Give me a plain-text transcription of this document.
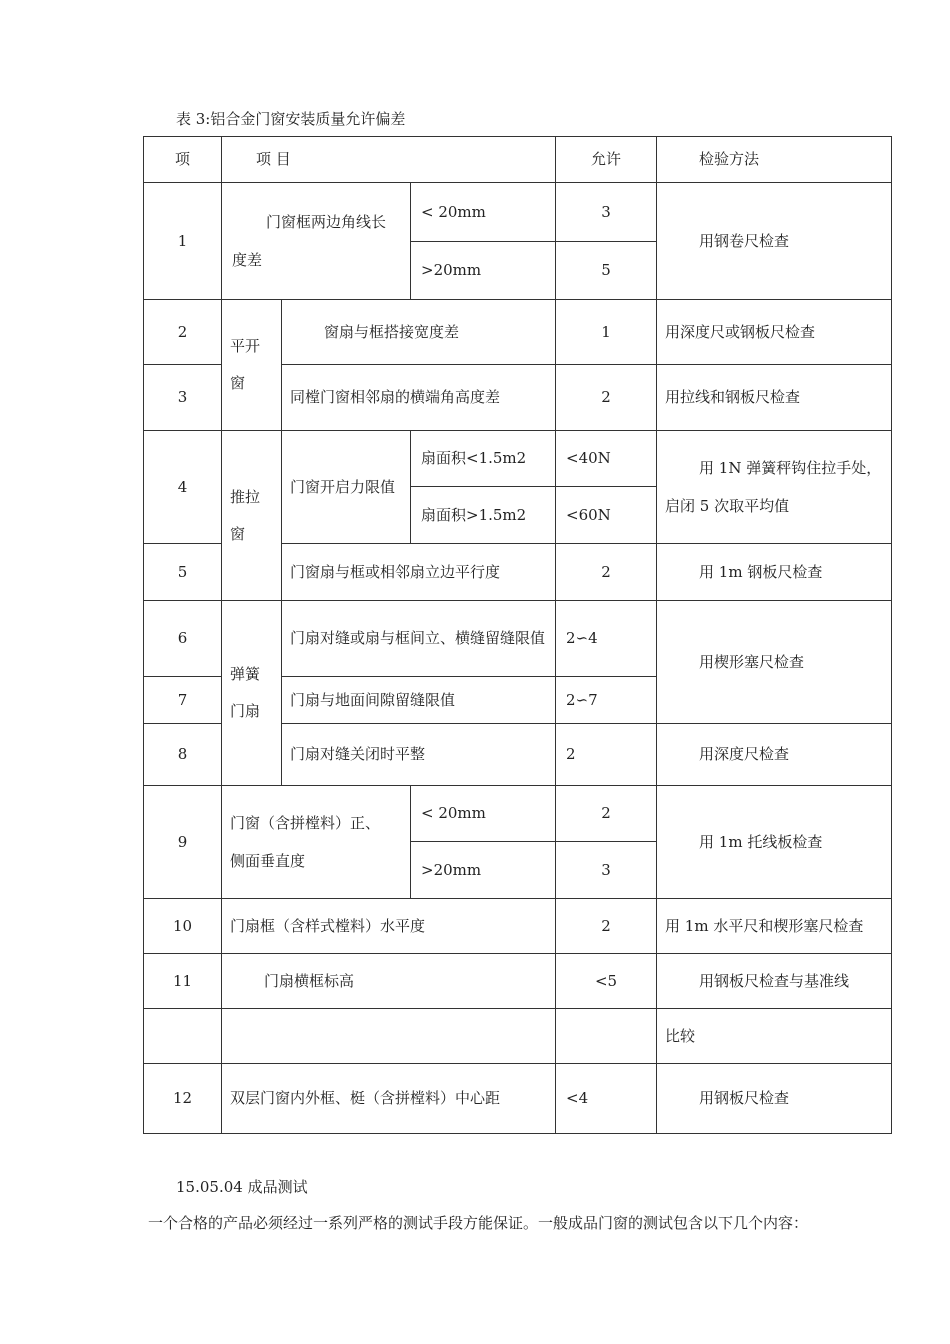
表 3:铝合金门窗安装质量允许偏差
项	项 目			允许	检验方法
1	门窗框两边角线长度差		< 20mm	3	用钢卷尺检查
			>20mm	5	
2	平开窗	窗扇与框搭接宽度差		1	用深度尺或钢板尺检查
3		同樘门窗相邻扇的横端角高度差		2	用拉线和钢板尺检查
4	推拉窗	门窗开启力限值	扇面积<1.5m2	<40N	用 1N 弹簧秤钩住拉手处，启闭 5 次取平均值
			扇面积>1.5m2	<60N	
5		门窗扇与框或相邻扇立边平行度		2	用 1m 钢板尺检查
6	弹簧门扇	门扇对缝或扇与框间立、横缝留缝限值		2∽4	用楔形塞尺检查
7		门扇与地面间隙留缝限值		2∽7	
8		门扇对缝关闭时平整		2	用深度尺检查
9	门窗（含拼樘料）正、侧面垂直度		< 20mm	2	用 1m 托线板检查
			>20mm	3	
10	门扇框（含样式樘料）水平度			2	用 1m 水平尺和楔形塞尺检查
11	门扇横框标高			<5	用钢板尺检查与基准线
					比较
12	双层门窗内外框、梃（含拼樘料）中心距			<4	用钢板尺检查
15.05.04 成品测试
一个合格的产品必须经过一系列严格的测试手段方能保证。一般成品门窗的测试包含以下几个内容：
